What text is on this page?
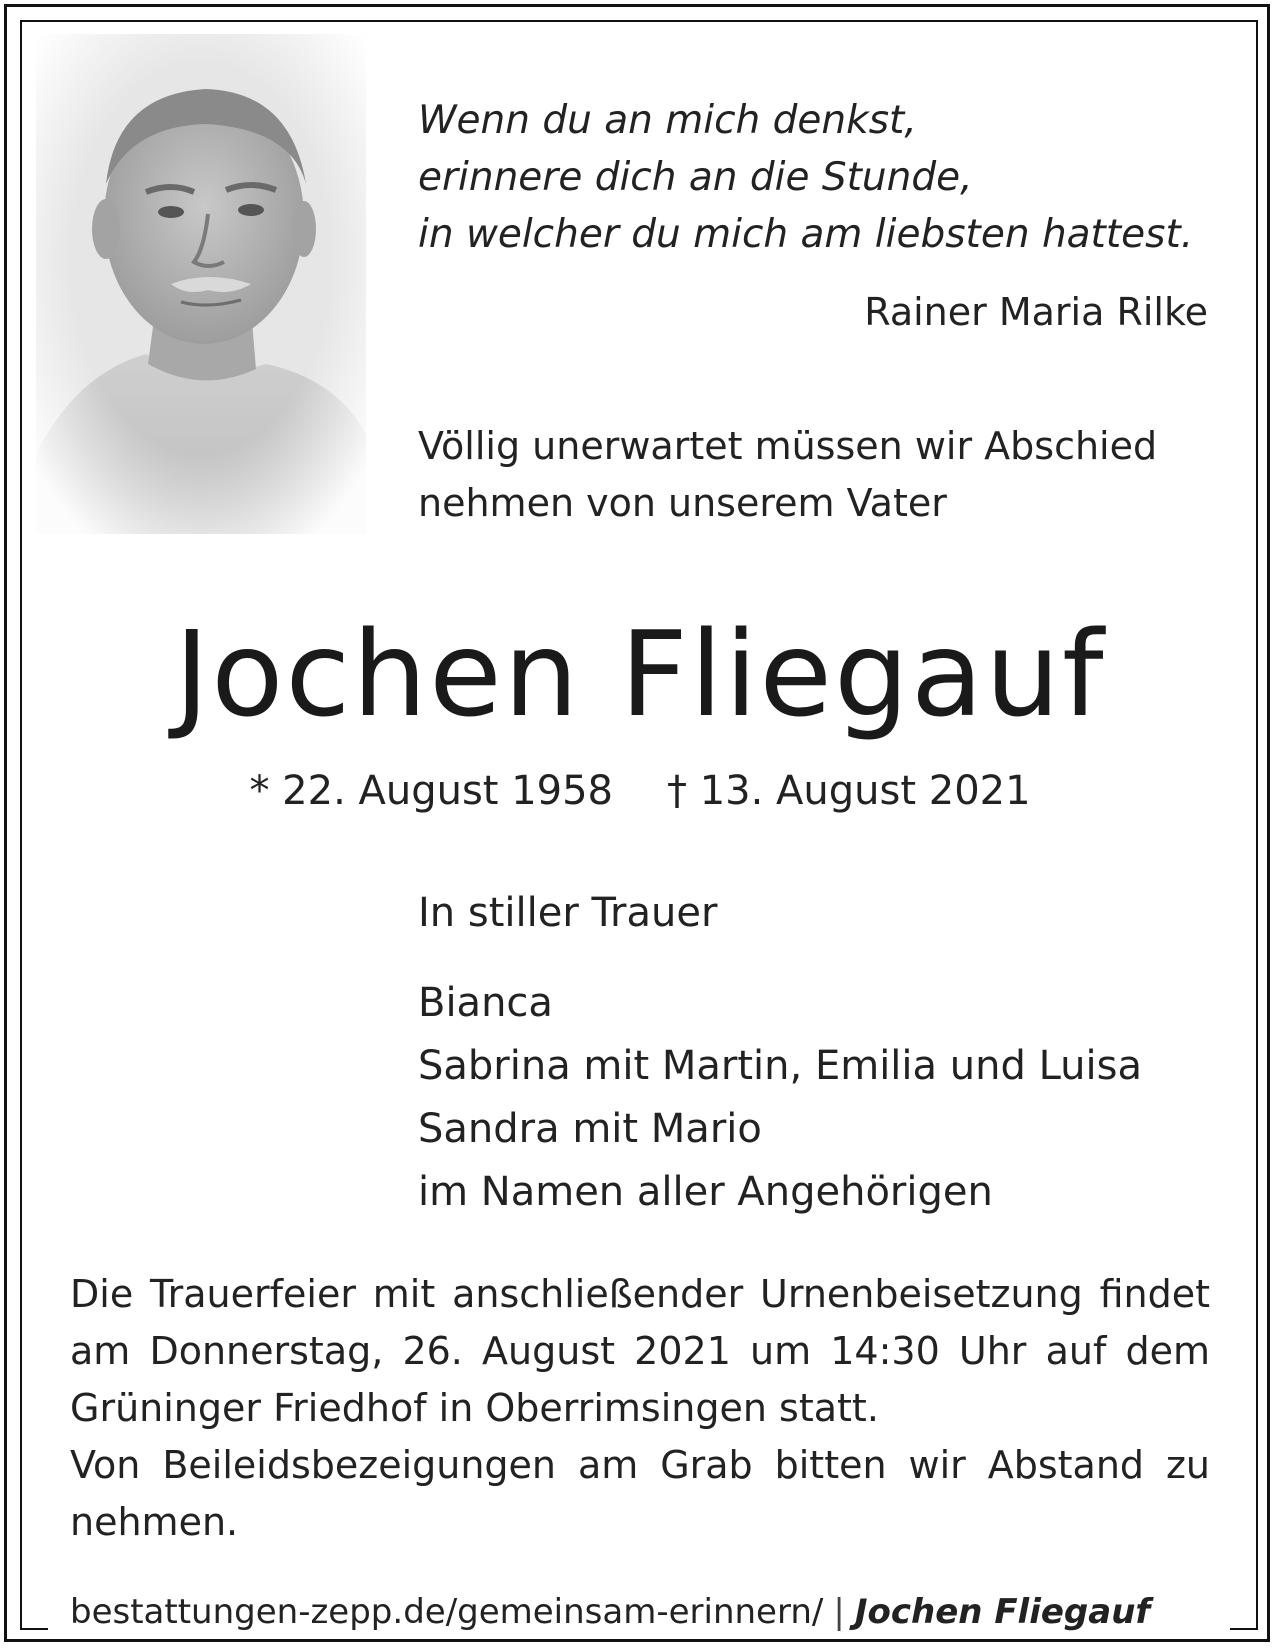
Wenn du an mich denkst,
erinnere dich an die Stunde,
in welcher du mich am liebsten hattest.
Rainer Maria Rilke
Völlig unerwartet müssen wir Abschied
nehmen von unserem Vater
Jochen Fliegauf
* 22. August 1958 † 13. August 2021
In stiller Trauer
Bianca
Sabrina mit Martin, Emilia und Luisa
Sandra mit Mario
im Namen aller Angehörigen

Die Trauerfeier mit anschließender Urnenbeisetzung findet am Donnerstag, 26. August 2021 um 14:30 Uhr auf dem Grüninger Friedhof in Oberrimsingen statt.

Von Beileidsbezeigungen am Grab bitten wir Abstand zu nehmen.

bestattungen-zepp.de/gemeinsam-erinnern/ | Jochen Fliegauf
